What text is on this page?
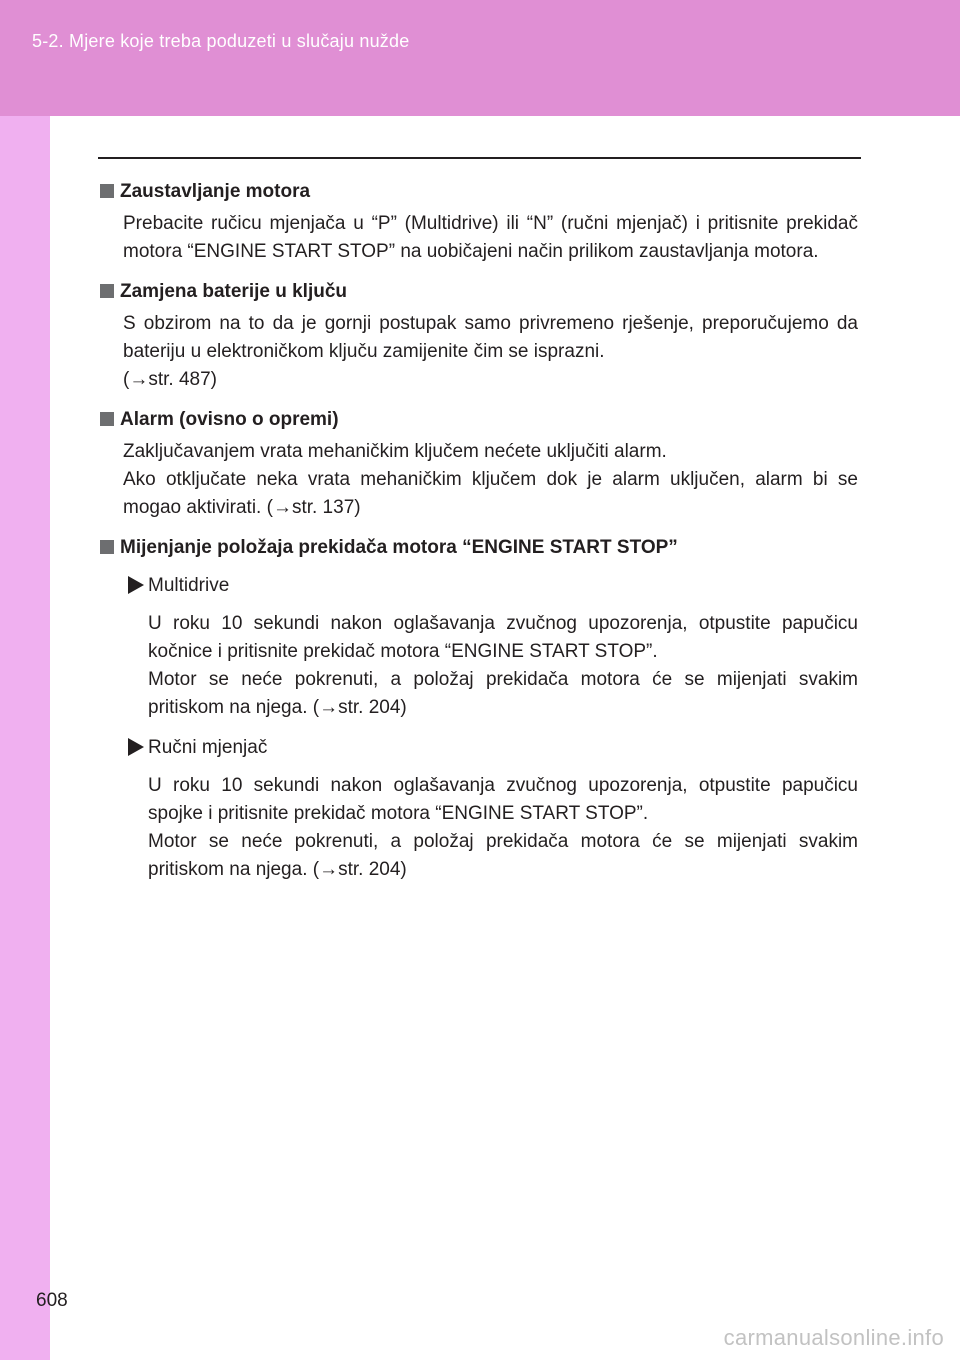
5-2. Mjere koje treba poduzeti u slučaju nužde

Zaustavljanje motora

Prebacite ručicu mjenjača u “P” (Multidrive) ili “N” (ručni mjenjač) i pritisnite prekidač motora “ENGINE START STOP” na uobičajeni način prilikom zaustavljanja motora.

Zamjena baterije u ključu

S obzirom na to da je gornji postupak samo privremeno rješenje, preporučujemo da bateriju u elektroničkom ključu zamijenite čim se isprazni.

(→str. 487)

Alarm (ovisno o opremi)

Zaključavanjem vrata mehaničkim ključem nećete uključiti alarm.

Ako otključate neka vrata mehaničkim ključem dok je alarm uključen, alarm bi se mogao aktivirati. (→str. 137)

Mijenjanje položaja prekidača motora “ENGINE START STOP”

Multidrive

U roku 10 sekundi nakon oglašavanja zvučnog upozorenja, otpustite papučicu kočnice i pritisnite prekidač motora “ENGINE START STOP”.

Motor se neće pokrenuti, a položaj prekidača motora će se mijenjati svakim pritiskom na njega. (→str. 204)

Ručni mjenjač

U roku 10 sekundi nakon oglašavanja zvučnog upozorenja, otpustite papučicu spojke i pritisnite prekidač motora “ENGINE START STOP”.

Motor se neće pokrenuti, a položaj prekidača motora će se mijenjati svakim pritiskom na njega. (→str. 204)

608
carmanualsonline.info
